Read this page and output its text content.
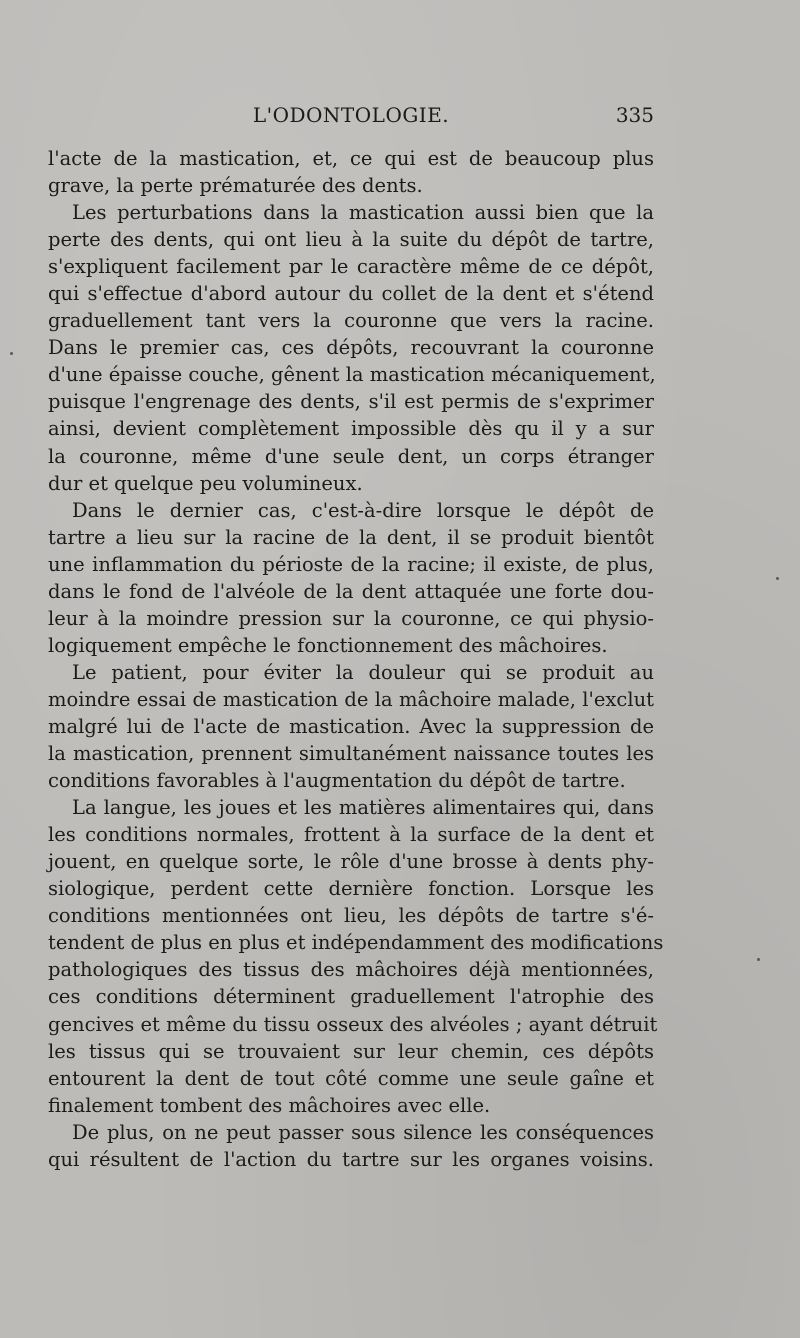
L'ODONTOLOGIE.	335
l'acte de la mastication, et, ce qui est de beaucoup plus
grave, la perte prématurée des dents.
Les perturbations dans la mastication aussi bien que la
perte des dents, qui ont lieu à la suite du dépôt de tartre,
s'expliquent facilement par le caractère même de ce dépôt,
qui s'effectue d'abord autour du collet de la dent et s'étend
graduellement tant vers la couronne que vers la racine.
Dans le premier cas, ces dépôts, recouvrant la couronne
d'une épaisse couche, gênent la mastication mécaniquement,
puisque l'engrenage des dents, s'il est permis de s'exprimer
ainsi, devient complètement impossible dès qu il y a sur
la couronne, même d'une seule dent, un corps étranger
dur et quelque peu volumineux.
Dans le dernier cas, c'est-à-dire lorsque le dépôt de
tartre a lieu sur la racine de la dent, il se produit bientôt
une inflammation du périoste de la racine; il existe, de plus,
dans le fond de l'alvéole de la dent attaquée une forte dou-
leur à la moindre pression sur la couronne, ce qui physio-
logiquement empêche le fonctionnement des mâchoires.
Le patient, pour éviter la douleur qui se produit au
moindre essai de mastication de la mâchoire malade, l'exclut
malgré lui de l'acte de mastication. Avec la suppression de
la mastication, prennent simultanément naissance toutes les
conditions favorables à l'augmentation du dépôt de tartre.
La langue, les joues et les matières alimentaires qui, dans
les conditions normales, frottent à la surface de la dent et
jouent, en quelque sorte, le rôle d'une brosse à dents phy-
siologique, perdent cette dernière fonction. Lorsque les
conditions mentionnées ont lieu, les dépôts de tartre s'é-
tendent de plus en plus et indépendamment des modifications
pathologiques des tissus des mâchoires déjà mentionnées,
ces conditions déterminent graduellement l'atrophie des
gencives et même du tissu osseux des alvéoles ; ayant détruit
les tissus qui se trouvaient sur leur chemin, ces dépôts
entourent la dent de tout côté comme une seule gaîne et
finalement tombent des mâchoires avec elle.
De plus, on ne peut passer sous silence les conséquences
qui résultent de l'action du tartre sur les organes voisins.
